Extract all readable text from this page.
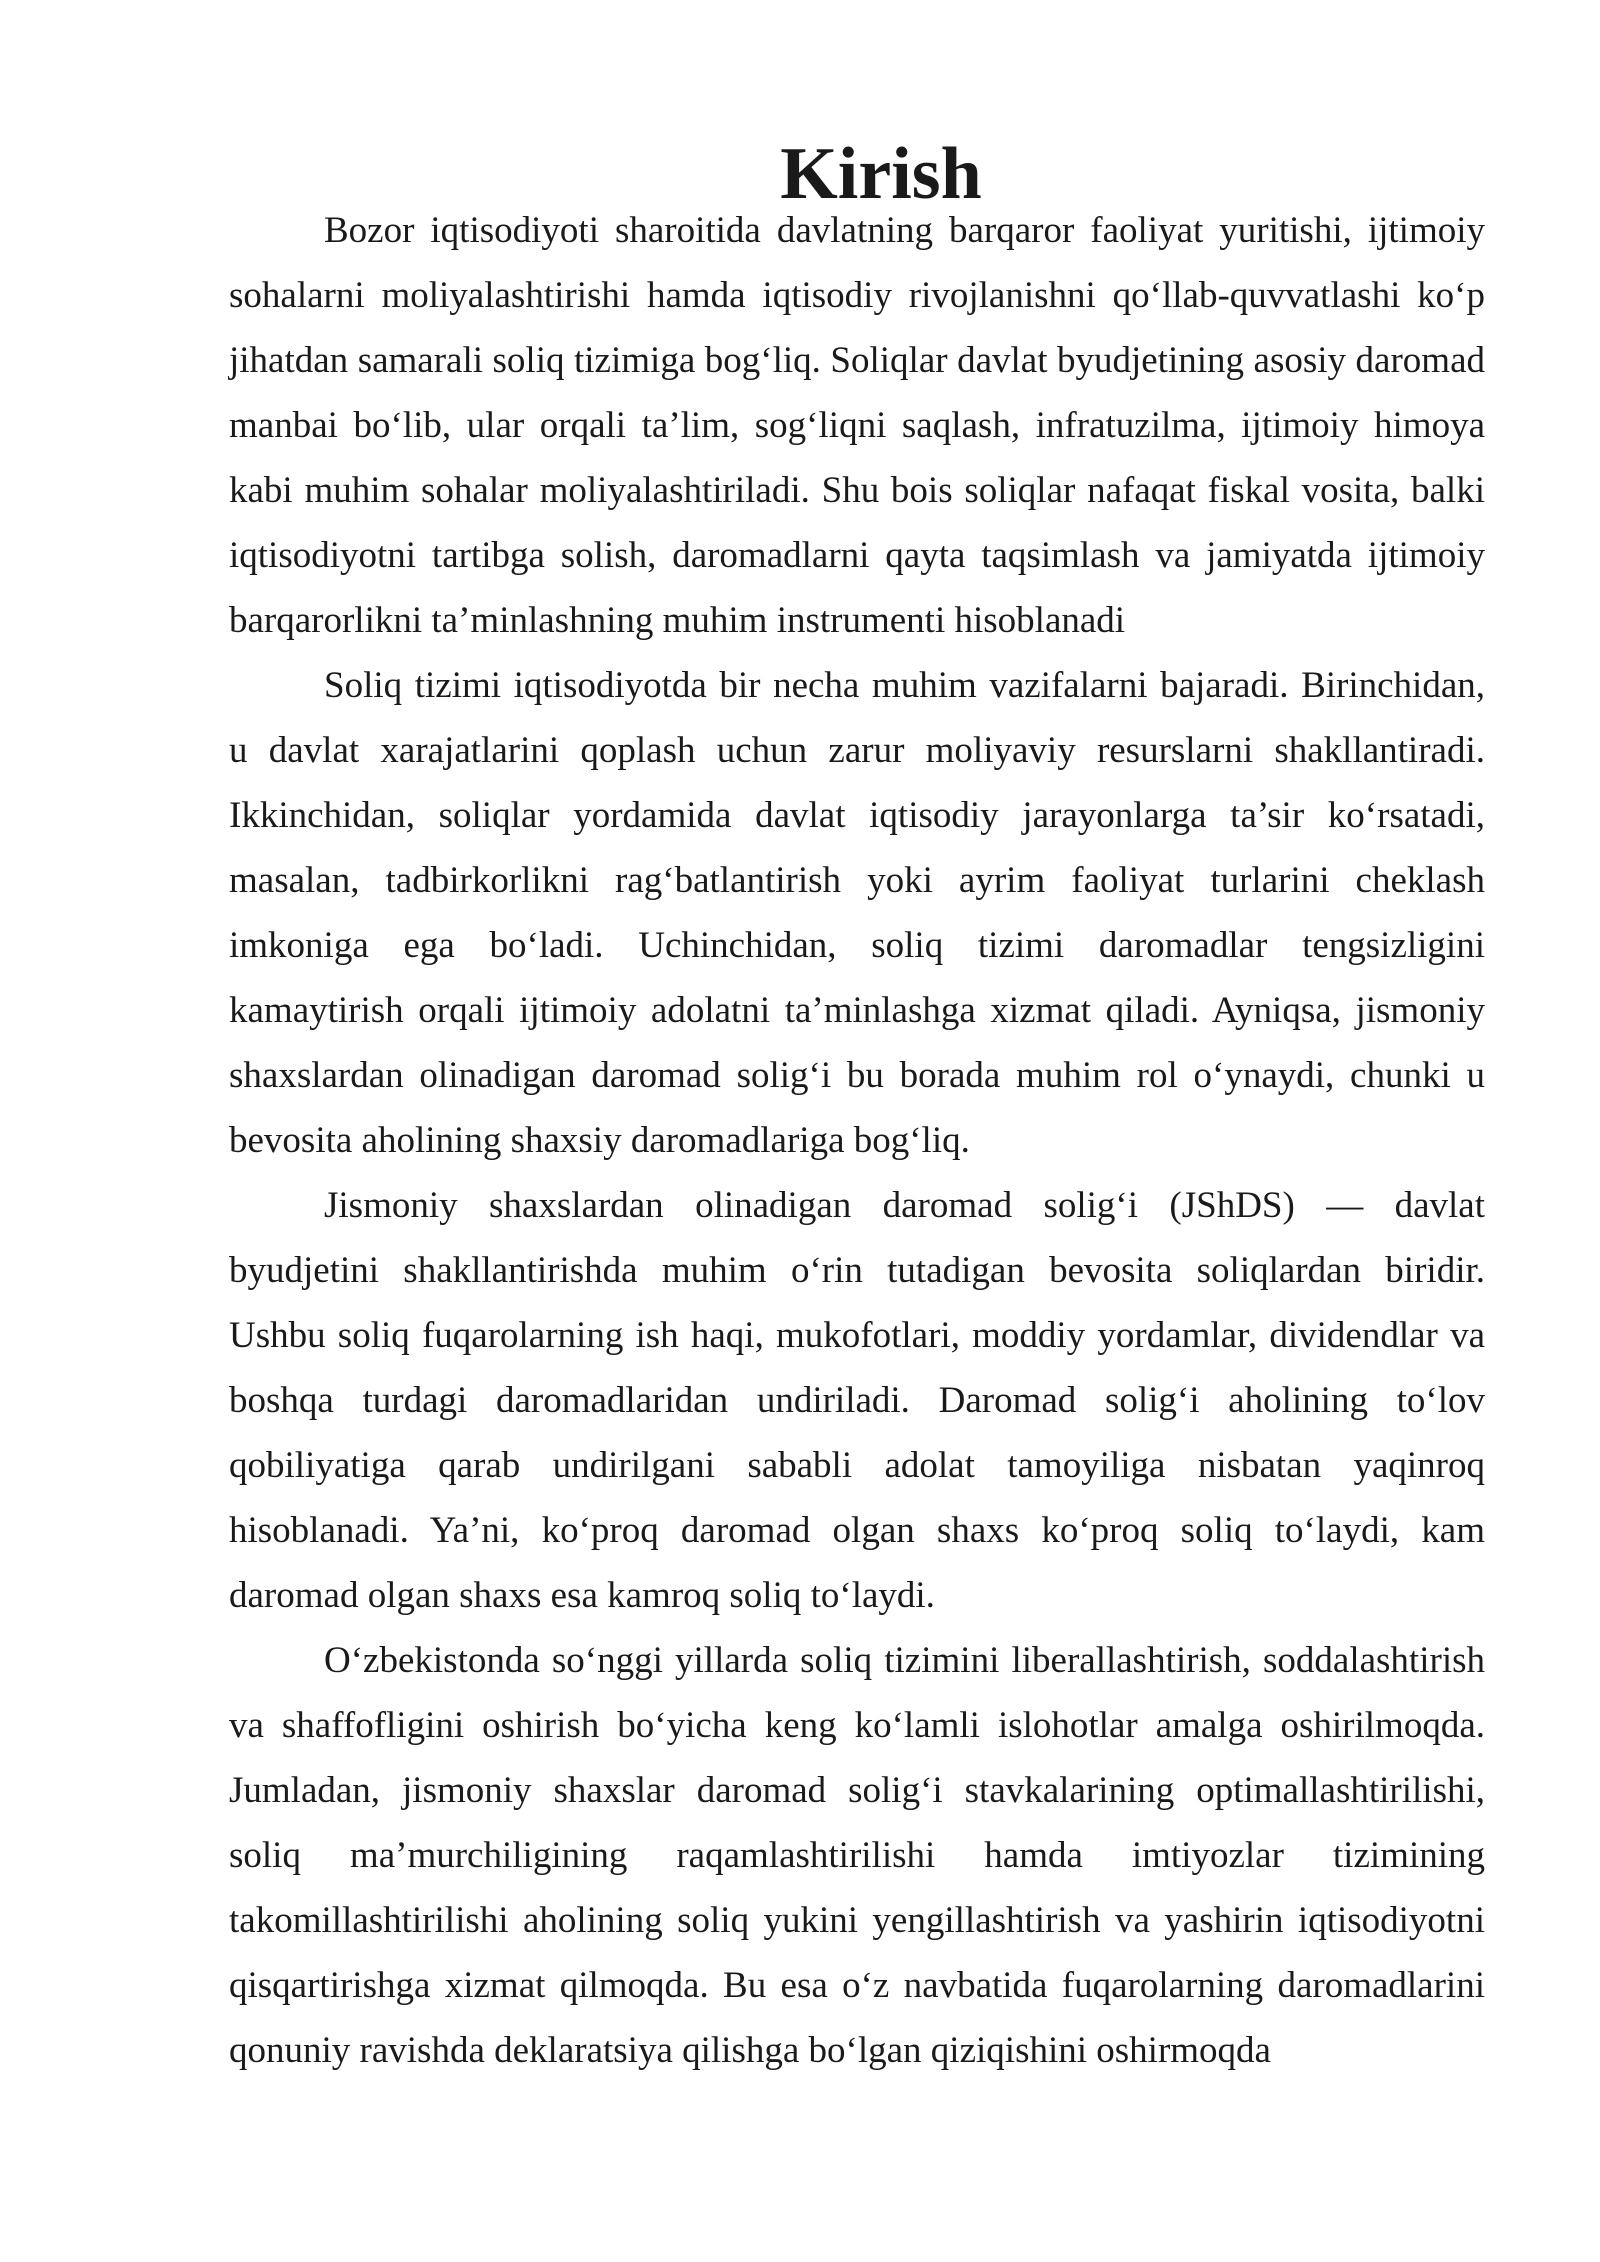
Kirish

Bozor iqtisodiyoti sharoitida davlatning barqaror faoliyat yuritishi, ijtimoiy sohalarni moliyalashtirishi hamda iqtisodiy rivojlanishni qo‘llab-quvvatlashi ko‘p jihatdan samarali soliq tizimiga bog‘liq. Soliqlar davlat byudjetining asosiy daromad manbai bo‘lib, ular orqali ta’lim, sog‘liqni saqlash, infratuzilma, ijtimoiy himoya kabi muhim sohalar moliyalashtiriladi. Shu bois soliqlar nafaqat fiskal vosita, balki iqtisodiyotni tartibga solish, daromadlarni qayta taqsimlash va jamiyatda ijtimoiy barqarorlikni ta’minlashning muhim instrumenti hisoblanadi

Soliq tizimi iqtisodiyotda bir necha muhim vazifalarni bajaradi. Birinchidan, u davlat xarajatlarini qoplash uchun zarur moliyaviy resurslarni shakllantiradi. Ikkinchidan, soliqlar yordamida davlat iqtisodiy jarayonlarga ta’sir ko‘rsatadi, masalan, tadbirkorlikni rag‘batlantirish yoki ayrim faoliyat turlarini cheklash imkoniga ega bo‘ladi. Uchinchidan, soliq tizimi daromadlar tengsizligini kamaytirish orqali ijtimoiy adolatni ta’minlashga xizmat qiladi. Ayniqsa, jismoniy shaxslardan olinadigan daromad solig‘i bu borada muhim rol o‘ynaydi, chunki u bevosita aholining shaxsiy daromadlariga bog‘liq.

Jismoniy shaxslardan olinadigan daromad solig‘i (JShDS) — davlat byudjetini shakllantirishda muhim o‘rin tutadigan bevosita soliqlardan biridir. Ushbu soliq fuqarolarning ish haqi, mukofotlari, moddiy yordamlar, dividendlar va boshqa turdagi daromadlaridan undiriladi. Daromad solig‘i aholining to‘lov qobiliyatiga qarab undirilgani sababli adolat tamoyiliga nisbatan yaqinroq hisoblanadi. Ya’ni, ko‘proq daromad olgan shaxs ko‘proq soliq to‘laydi, kam daromad olgan shaxs esa kamroq soliq to‘laydi.

O‘zbekistonda so‘nggi yillarda soliq tizimini liberallashtirish, soddalashtirish va shaffofligini oshirish bo‘yicha keng ko‘lamli islohotlar amalga oshirilmoqda. Jumladan, jismoniy shaxslar daromad solig‘i stavkalarining optimallashtirilishi, soliq ma’murchiligining raqamlashtirilishi hamda imtiyozlar tizimining takomillashtirilishi aholining soliq yukini yengillashtirish va yashirin iqtisodiyotni qisqartirishga xizmat qilmoqda. Bu esa o‘z navbatida fuqarolarning daromadlarini qonuniy ravishda deklaratsiya qilishga bo‘lgan qiziqishini oshirmoqda
